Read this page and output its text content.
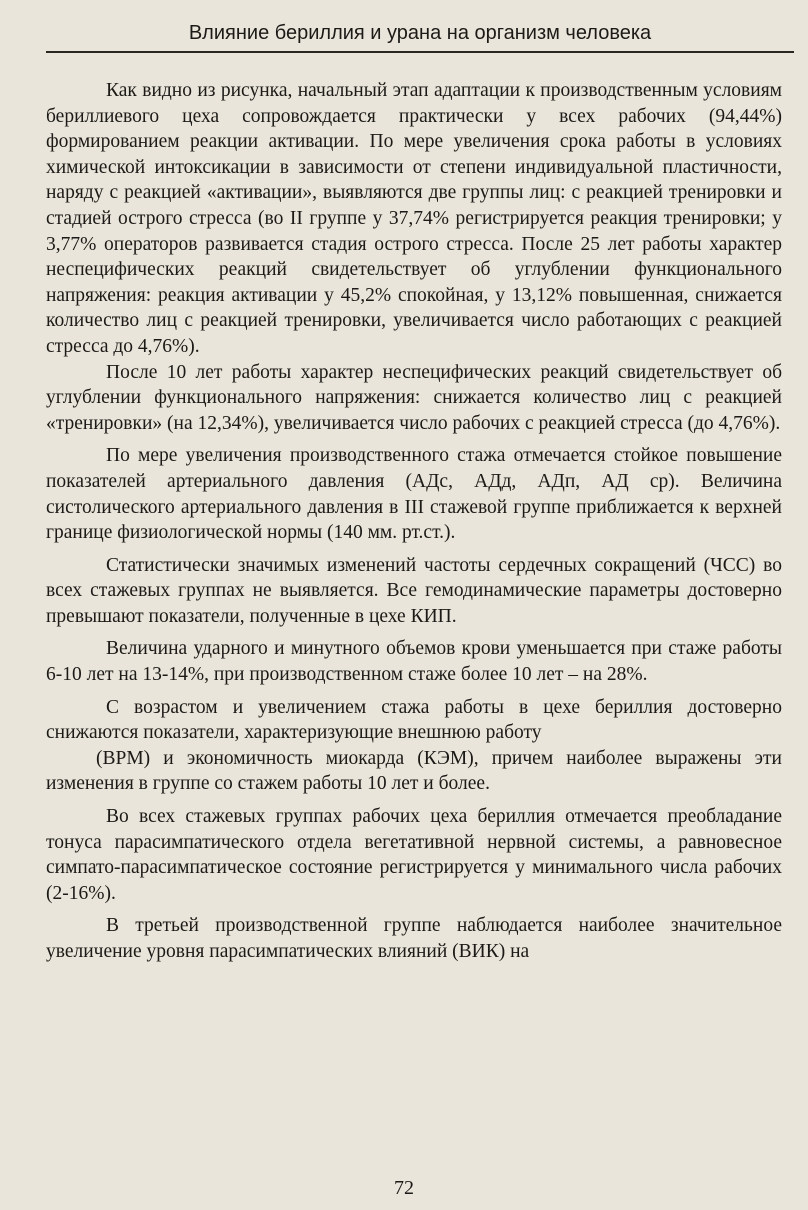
Влияние бериллия и урана на организм человека

Как видно из рисунка, начальный этап адаптации к производственным условиям бериллиевого цеха сопровождается практически у всех рабочих (94,44%) формированием реакции активации. По мере увеличения срока работы в условиях химической интоксикации в зависимости от степени индивидуальной пластичности, наряду с реакцией «активации», выявляются две группы лиц: с реакцией тренировки и стадией острого стресса (во II группе у 37,74% регистрируется реакция тренировки; у 3,77% операторов развивается стадия острого стресса. После 25 лет работы характер неспецифических реакций свидетельствует об углублении функционального напряжения: реакция активации у 45,2% спокойная, у 13,12% повышенная, снижается количество лиц с реакцией тренировки, увеличивается число работающих с реакцией стресса до 4,76%).

После 10 лет работы характер неспецифических реакций свидетельствует об углублении функционального напряжения: снижается количество лиц с реакцией «тренировки» (на 12,34%), увеличивается число рабочих с реакцией стресса (до 4,76%).

По мере увеличения производственного стажа отмечается стойкое повышение показателей артериального давления (АДс, АДд, АДп, АД ср). Величина систолического артериального давления в III стажевой группе приближается к верхней границе физиологической нормы (140 мм. рт.ст.).

Статистически значимых изменений частоты сердечных сокращений (ЧСС) во всех стажевых группах не выявляется. Все гемодинамические параметры достоверно превышают показатели, полученные в цехе КИП.

Величина ударного и минутного объемов крови уменьшается при стаже работы 6-10 лет на 13-14%, при производственном стаже более 10 лет – на 28%.

С возрастом и увеличением стажа работы в цехе бериллия достоверно снижаются показатели, характеризующие внешнюю работу

(ВРМ) и экономичность миокарда (КЭМ), причем наиболее выражены эти изменения в группе со стажем работы 10 лет и более.

Во всех стажевых группах рабочих цеха бериллия отмечается преобладание тонуса парасимпатического отдела вегетативной нервной системы, а равновесное симпато-парасимпатическое состояние регистрируется у минимального числа рабочих (2-16%).

В третьей производственной группе наблюдается наиболее значительное увеличение уровня парасимпатических влияний (ВИК) на

72
